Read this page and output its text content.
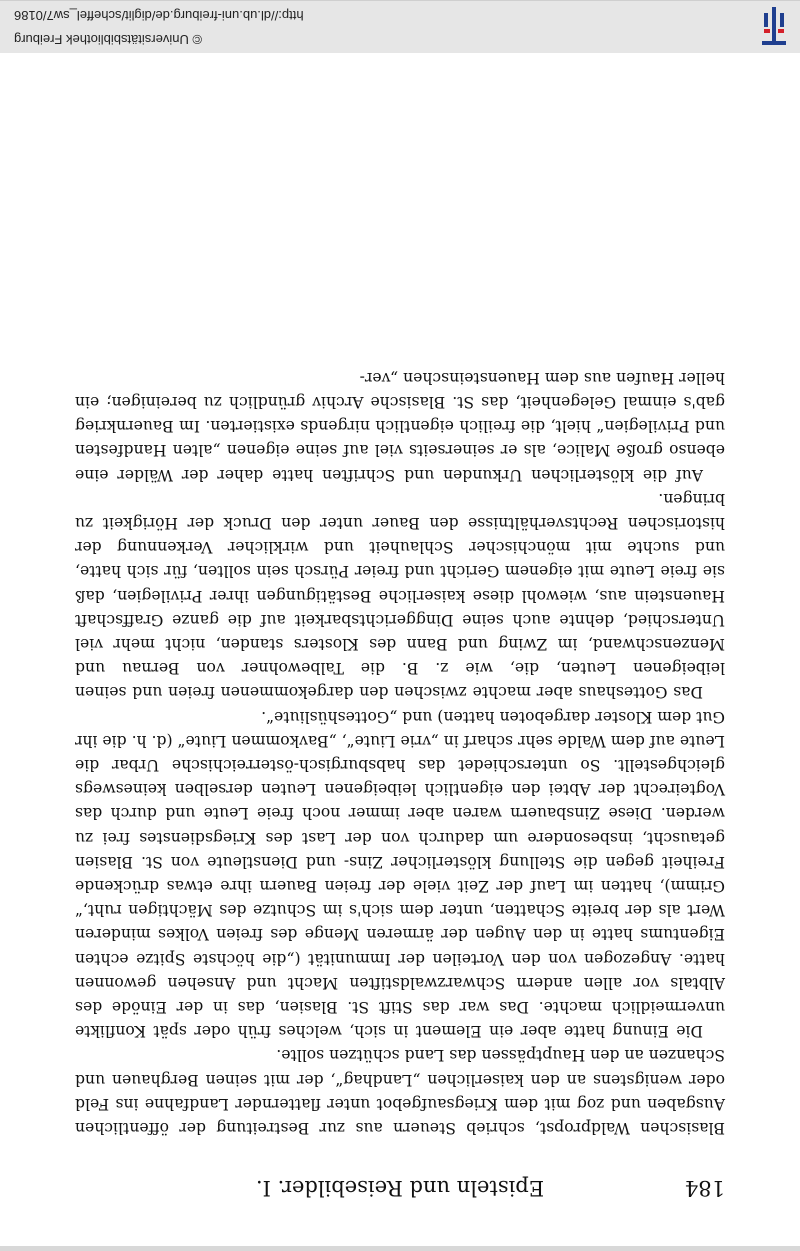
© Universitätsbibliothek Freiburg
http://dl.ub.uni-freiburg.de/diglit/scheffel_sw7/0186
Episteln und Reisebilder. I.	184

Blasischen Waldpropst, schrieb Steuern aus zur Bestreitung der öffentlichen Ausgaben und zog mit dem Kriegsaufgebot unter flatternder Landfahne ins Feld oder wenigstens an den kaiserlichen „Landhag“, der mit seinen Berghauen und Schanzen an den Hauptpässen das Land schützen sollte.

Die Einung hatte aber ein Element in sich, welches früh oder spät Konflikte unvermeidlich machte. Das war das Stift St. Blasien, das in der Einöde des Albtals vor allen andern Schwarzwaldstiften Macht und Ansehen gewonnen hatte. Angezogen von den Vorteilen der Immunität („die höchste Spitze echten Eigentums hatte in den Augen der ärmeren Menge des freien Volkes minderen Wert als der breite Schatten, unter dem sich's im Schutze des Mächtigen ruht,“ Grimm), hatten im Lauf der Zeit viele der freien Bauern ihre etwas drückende Freiheit gegen die Stellung klösterlicher Zins- und Dienstleute von St. Blasien getauscht, insbesondere um dadurch von der Last des Kriegsdienstes frei zu werden. Diese Zinsbauern waren aber immer noch freie Leute und durch das Vogteirecht der Abtei den eigentlich leibeigenen Leuten derselben keineswegs gleichgestellt. So unterschiedet das habsburgisch-österreichische Urbar die Leute auf dem Walde sehr scharf in „vrie Liute“, „Bavkommen Liute“ (d. h. die ihr Gut dem Kloster dargeboten hatten) und „Gotteshüsliute“.

Das Gotteshaus aber machte zwischen den dargekommenen freien und seinen leibeigenen Leuten, die, wie z. B. die Talbewohner von Bernau und Menzenschwand, im Zwing und Bann des Klosters standen, nicht mehr viel Unterschied, dehnte auch seine Dinggerichtsbarkeit auf die ganze Graffschaft Hauenstein aus, wiewohl diese kaiserliche Bestätigungen ihrer Privilegien, daß sie freie Leute mit eigenem Gericht und freier Pürsch sein sollten, für sich hatte, und suchte mit mönchischer Schlauheit und wirklicher Verkennung der historischen Rechtsverhältnisse den Bauer unter den Druck der Hörigkeit zu bringen.

Auf die klösterlichen Urkunden und Schriften hatte daher der Wälder eine ebenso große Malice, als er seinerseits viel auf seine eigenen „alten Handfesten und Privilegien“ hielt, die freilich eigentlich nirgends existierten. Im Bauernkrieg gab's einmal Gelegenheit, das St. Blasische Archiv gründlich zu bereinigen; ein heller Haufen aus dem Hauensteinschen „ver-
